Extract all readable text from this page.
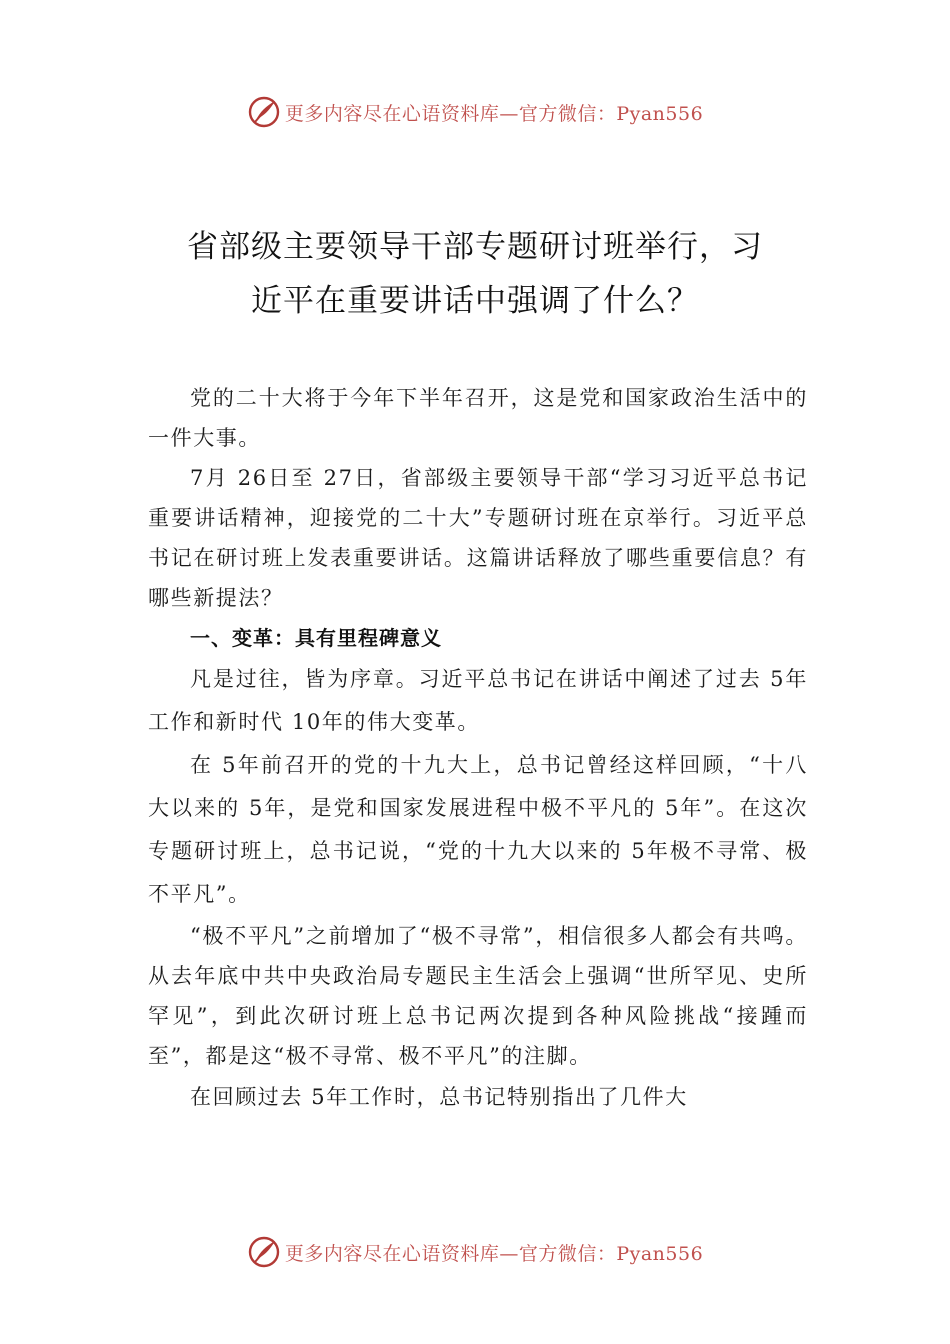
更多内容尽在心语资料库—官方微信：Pyan556
省部级主要领导干部专题研讨班举行，习
近平在重要讲话中强调了什么？

党的二十大将于今年下半年召开，这是党和国家政治生活中的一件大事。

7月 26日至 27日，省部级主要领导干部“学习习近平总书记重要讲话精神，迎接党的二十大”专题研讨班在京举行。习近平总书记在研讨班上发表重要讲话。这篇讲话释放了哪些重要信息？有哪些新提法？

一、变革：具有里程碑意义

凡是过往，皆为序章。习近平总书记在讲话中阐述了过去 5年工作和新时代 10年的伟大变革。

在 5年前召开的党的十九大上，总书记曾经这样回顾，“十八大以来的 5年，是党和国家发展进程中极不平凡的 5年”。在这次专题研讨班上，总书记说，“党的十九大以来的 5年极不寻常、极不平凡”。

“极不平凡”之前增加了“极不寻常”，相信很多人都会有共鸣。从去年底中共中央政治局专题民主生活会上强调“世所罕见、史所罕见”，到此次研讨班上总书记两次提到各种风险挑战“接踵而至”，都是这“极不寻常、极不平凡”的注脚。

在回顾过去 5年工作时，总书记特别指出了几件大

更多内容尽在心语资料库—官方微信：Pyan556
